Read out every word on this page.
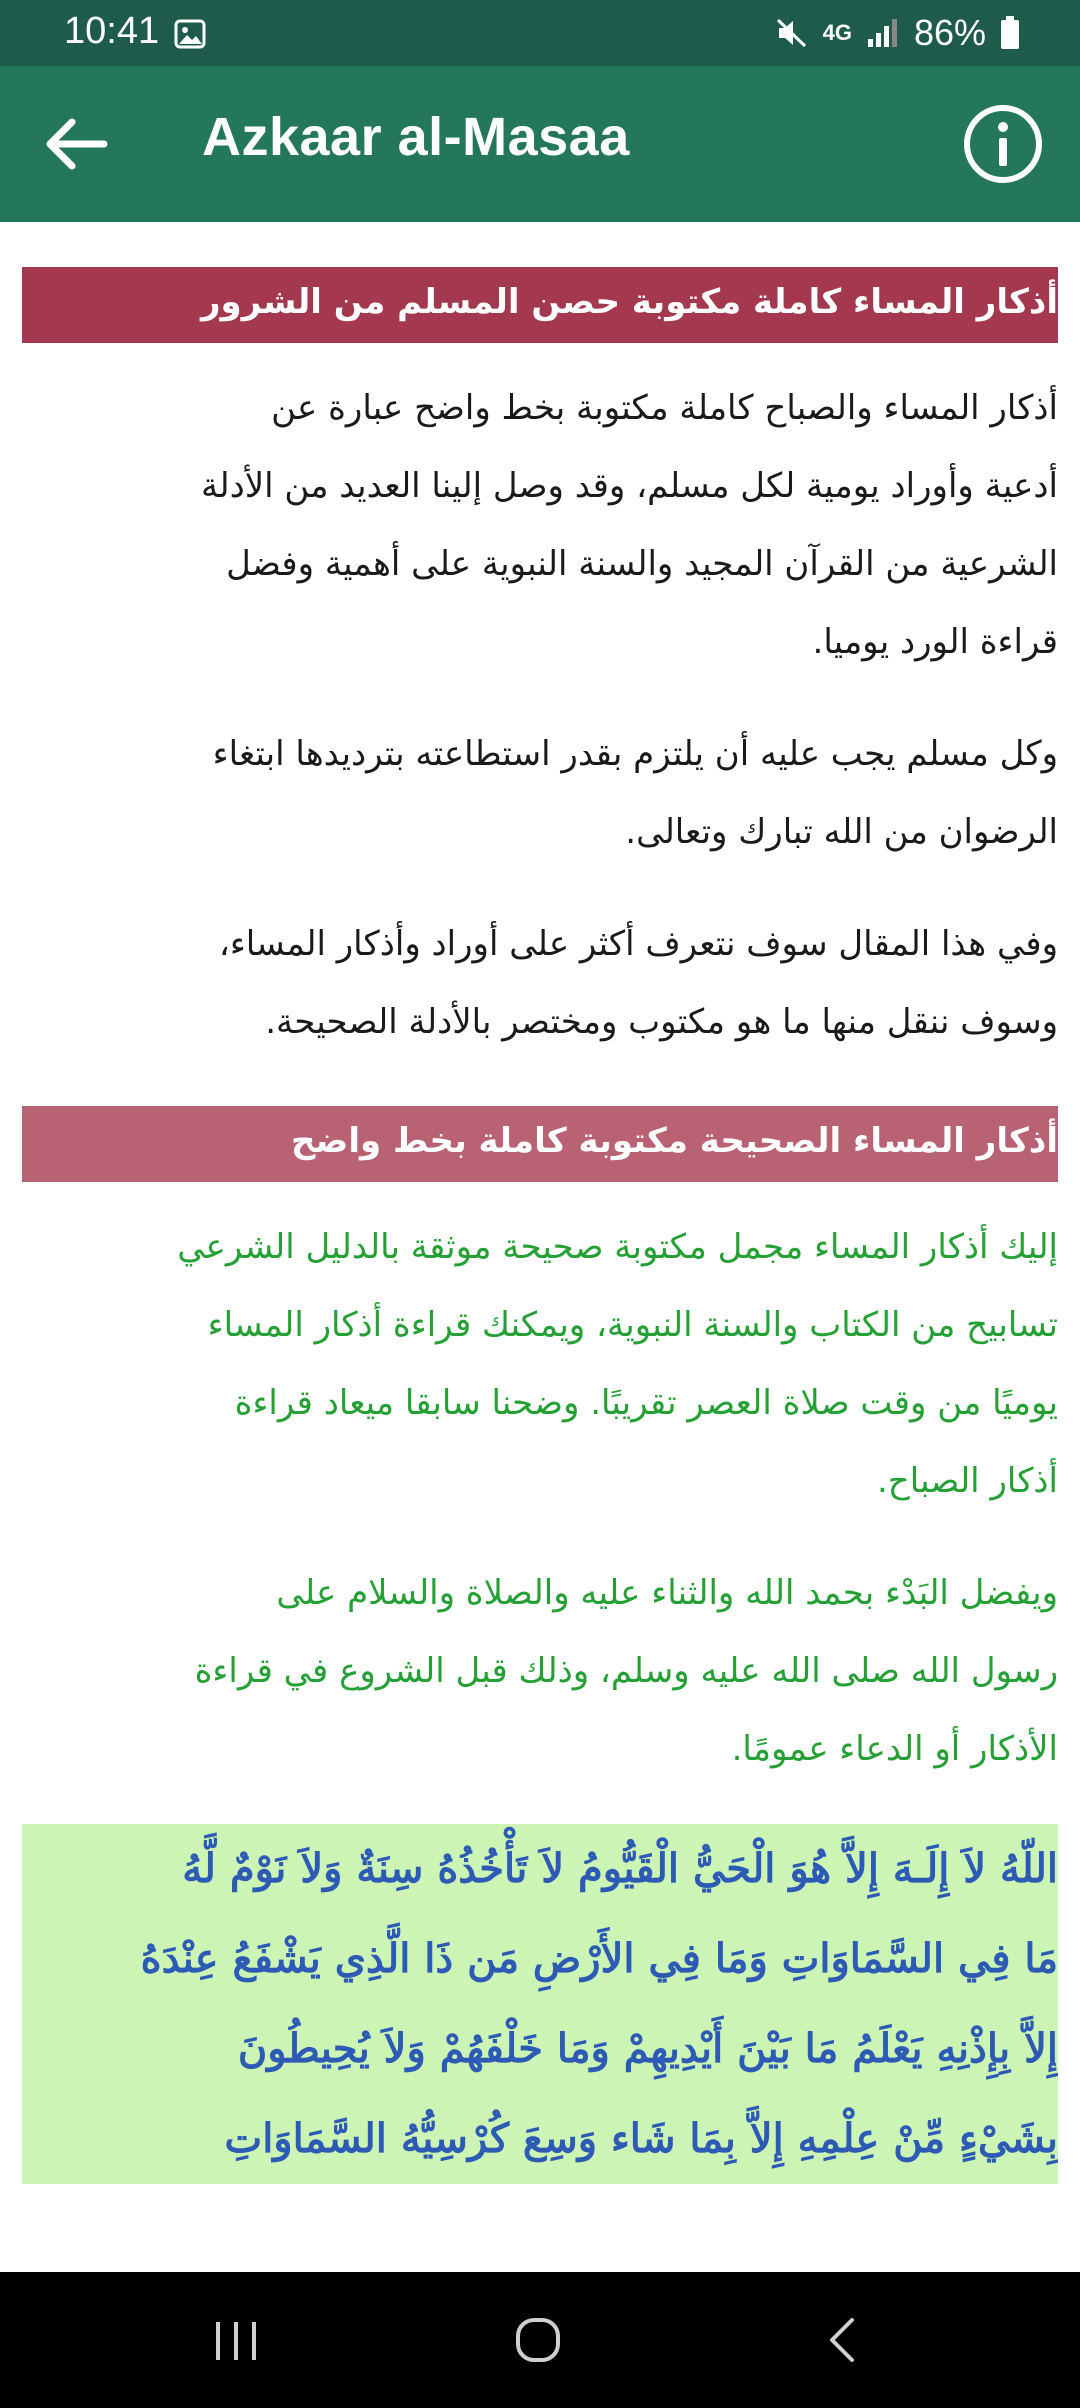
10:41	4G 86%
Azkaar al-Masaa
أذكار المساء كاملة مكتوبة حصن المسلم من الشرور

أذكار المساء والصباح كاملة مكتوبة بخط واضح عبارة عن
أدعية وأوراد يومية لكل مسلم، وقد وصل إلينا العديد من الأدلة
الشرعية من القرآن المجيد والسنة النبوية على أهمية وفضل
قراءة الورد يوميا.

وكل مسلم يجب عليه أن يلتزم بقدر استطاعته بترديدها ابتغاء
الرضوان من الله تبارك وتعالى.

وفي هذا المقال سوف نتعرف أكثر على أوراد وأذكار المساء،
وسوف ننقل منها ما هو مكتوب ومختصر بالأدلة الصحيحة.

أذكار المساء الصحيحة مكتوبة كاملة بخط واضح

إليك أذكار المساء مجمل مكتوبة صحيحة موثقة بالدليل الشرعي
تسابيح من الكتاب والسنة النبوية، ويمكنك قراءة أذكار المساء
يوميًا من وقت صلاة العصر تقريبًا. وضحنا سابقا ميعاد قراءة
أذكار الصباح.

ويفضل البَدْء بحمد الله والثناء عليه والصلاة والسلام على
رسول الله صلى الله عليه وسلم، وذلك قبل الشروع في قراءة
الأذكار أو الدعاء عمومًا.

اللّهُ لاَ إِلَـهَ إِلاَّ هُوَ الْحَيُّ الْقَيُّومُ لاَ تَأْخُذُهُ سِنَةٌ وَلاَ نَوْمٌ لَّهُ
مَا فِي السَّمَاوَاتِ وَمَا فِي الأَرْضِ مَن ذَا الَّذِي يَشْفَعُ عِنْدَهُ
إِلاَّ بِإِذْنِهِ يَعْلَمُ مَا بَيْنَ أَيْدِيهِمْ وَمَا خَلْفَهُمْ وَلاَ يُحِيطُونَ
بِشَيْءٍ مِّنْ عِلْمِهِ إِلاَّ بِمَا شَاء وَسِعَ كُرْسِيُّهُ السَّمَاوَاتِ
